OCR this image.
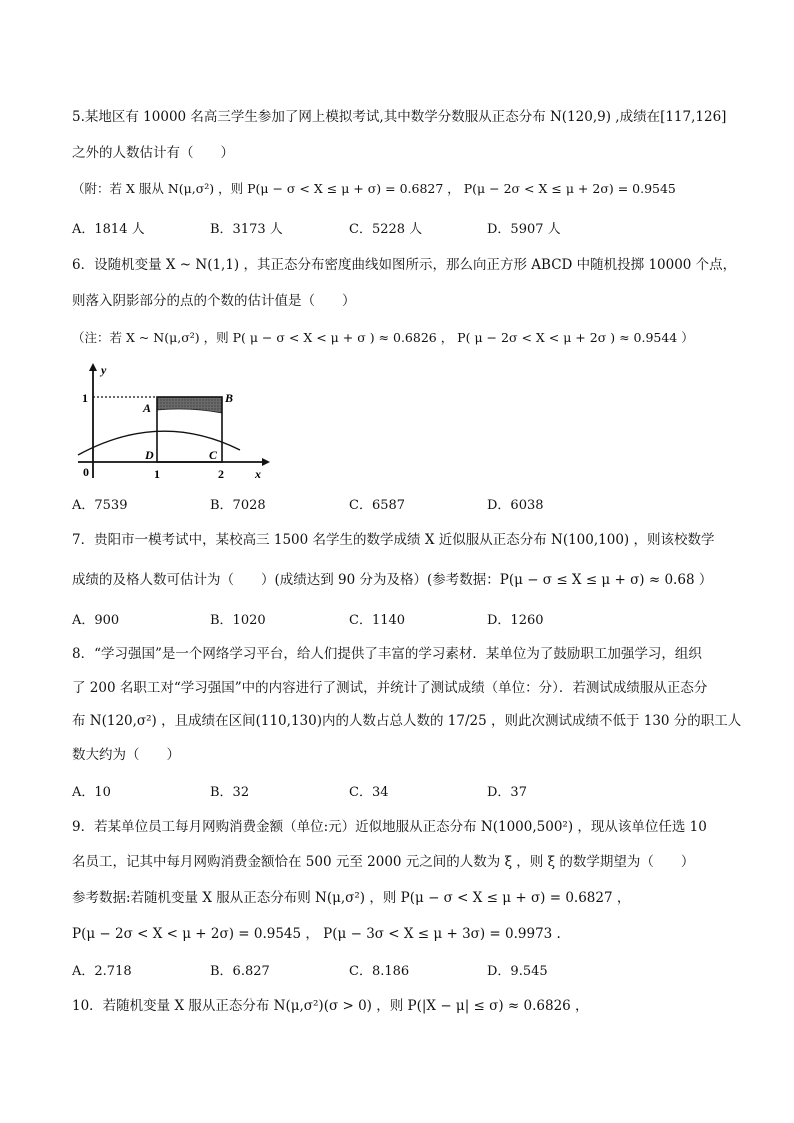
5.某地区有 10000 名高三学生参加了网上模拟考试,其中数学分数服从正态分布 N(120,9) ,成绩在[117,126]
之外的人数估计有（　　）
（附：若 X 服从 N(μ,σ²) ，则 P(μ − σ < X ≤ μ + σ) = 0.6827 ， P(μ − 2σ < X ≤ μ + 2σ) = 0.9545
A．1814 人	B．3173 人	C．5228 人	D．5907 人
6．设随机变量 X ~ N(1,1) ，其正态分布密度曲线如图所示，那么向正方形 ABCD 中随机投掷 10000 个点，
则落入阴影部分的点的个数的估计值是（　　）
（注：若 X ~ N(μ,σ²) ，则 P( μ − σ < X < μ + σ ) ≈ 0.6826 ， P( μ − 2σ < X < μ + 2σ ) ≈ 0.9544 ）
y
x
0
1
1	2
A
B
C
D
A．7539	B．7028	C．6587	D．6038
7．贵阳市一模考试中，某校高三 1500 名学生的数学成绩 X 近似服从正态分布 N(100,100) ，则该校数学
成绩的及格人数可估计为（　　）(成绩达到 90 分为及格）(参考数据：P(μ − σ ≤ X ≤ μ + σ) ≈ 0.68 ）
A．900	B．1020	C．1140	D．1260
8．“学习强国”是一个网络学习平台，给人们提供了丰富的学习素材．某单位为了鼓励职工加强学习，组织
了 200 名职工对“学习强国”中的内容进行了测试，并统计了测试成绩（单位：分）．若测试成绩服从正态分
布 N(120,σ²) ，且成绩在区间(110,130)内的人数占总人数的 17/25 ，则此次测试成绩不低于 130 分的职工人
数大约为（　　）
A．10	B．32	C．34	D．37
9．若某单位员工每月网购消费金额（单位:元）近似地服从正态分布 N(1000,500²) ，现从该单位任选 10
名员工，记其中每月网购消费金额恰在 500 元至 2000 元之间的人数为 ξ ，则 ξ 的数学期望为（　　）
参考数据:若随机变量 X 服从正态分布则 N(μ,σ²) ，则 P(μ − σ < X ≤ μ + σ) = 0.6827 ，
P(μ − 2σ < X < μ + 2σ) = 0.9545 ， P(μ − 3σ < X ≤ μ + 3σ) = 0.9973 .
A．2.718	B．6.827	C．8.186	D．9.545
10．若随机变量 X 服从正态分布 N(μ,σ²)(σ > 0) ，则 P(|X − μ| ≤ σ) ≈ 0.6826 ，
